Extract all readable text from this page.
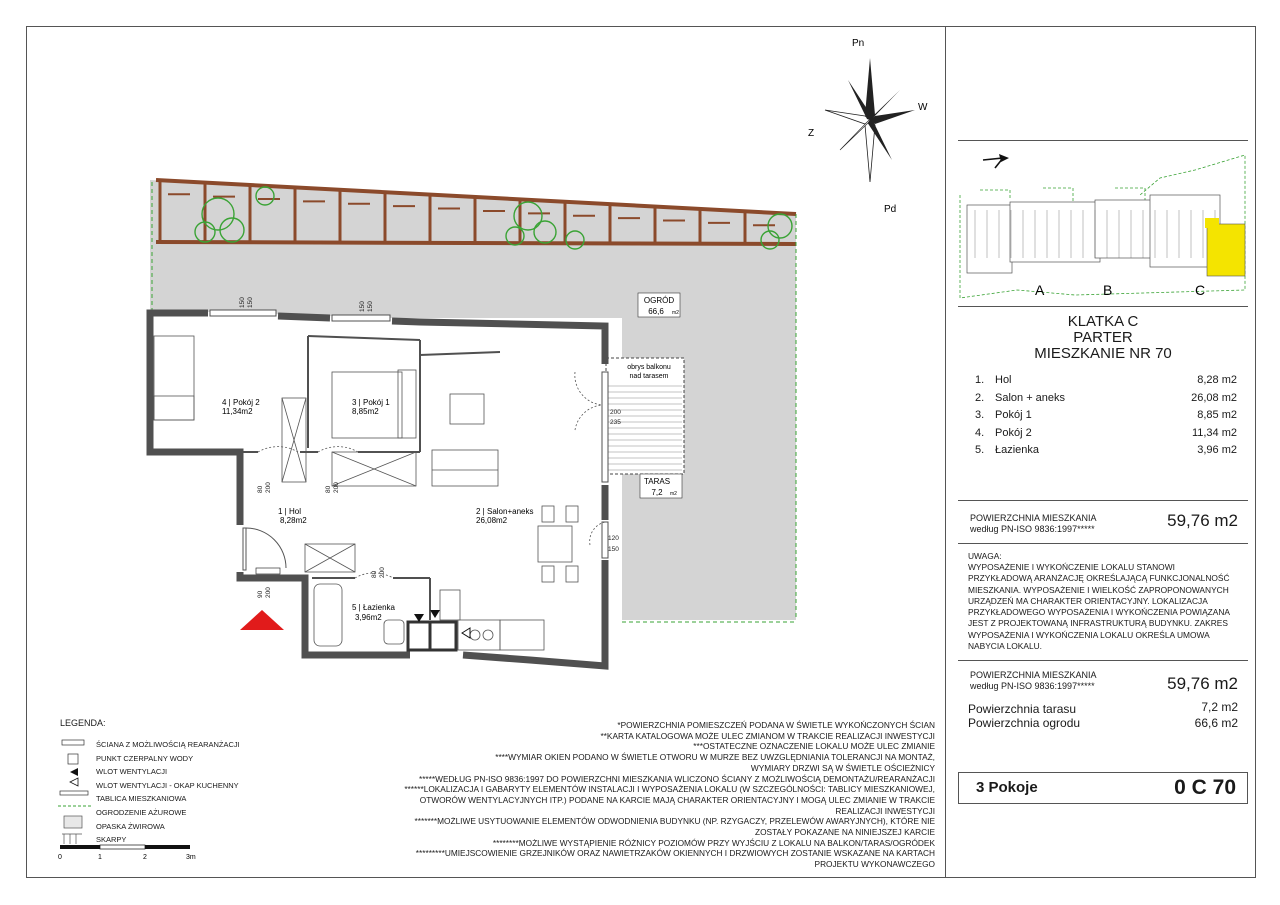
obrys balkonu
nad tarasem
OGRÓD
66,6 m2
TARAS
7,2 m2
4 | Pokój 2
11,34m2
3 | Pokój 1
8,85m2
1 | Hol
8,28m2
2 | Salon+aneks
26,08m2
5 | Łazienka
3,96m2
150 150	150 150
200
235
120
150
80 200	80 200
80 200
90 200
Pn
Pd
W
Z
A	B	C
KLATKA C
PARTER
MIESZKANIE NR 70
1. Hol	8,28 m2
2. Salon + aneks	26,08 m2
3. Pokój 1	8,85 m2
4. Pokój 2	11,34 m2
5. Łazienka	3,96 m2
POWIERZCHNIA MIESZKANIA
według PN-ISO 9836:1997*****	59,76 m2
UWAGA:
WYPOSAŻENIE I WYKOŃCZENIE LOKALU STANOWI PRZYKŁADOWĄ ARANŻACJĘ OKREŚLAJĄCĄ FUNKCJONALNOŚĆ MIESZKANIA. WYPOSAŻENIE I WIELKOŚĆ ZAPROPONOWANYCH URZĄDZEŃ MA CHARAKTER ORIENTACYJNY. LOKALIZACJA PRZYKŁADOWEGO WYPOSAŻENIA I WYKOŃCZENIA POWIĄZANA JEST Z PROJEKTOWANĄ INFRASTRUKTURĄ BUDYNKU. ZAKRES WYPOSAŻENIA I WYKOŃCZENIA LOKALU OKREŚLA UMOWA NABYCIA LOKALU.
POWIERZCHNIA MIESZKANIA
według PN-ISO 9836:1997*****	59,76 m2
Powierzchnia tarasu	7,2 m2
Powierzchnia ogrodu	66,6 m2
3 Pokoje	0 C 70
LEGENDA:
ŚCIANA Z MOŻLIWOŚCIĄ REARANŻACJI
PUNKT CZERPALNY WODY
WLOT WENTYLACJI
WLOT WENTYLACJI - OKAP KUCHENNY
TABLICA MIESZKANIOWA
OGRODZENIE AŻUROWE
OPASKA ŻWIROWA
SKARPY
0	1	2	3m
*POWIERZCHNIA POMIESZCZEŃ PODANA W ŚWIETLE WYKOŃCZONYCH ŚCIAN
**KARTA KATALOGOWA MOŻE ULEC ZMIANOM W TRAKCIE REALIZACJI INWESTYCJI
***OSTATECZNE OZNACZENIE LOKALU MOŻE ULEC ZMIANIE
****WYMIAR OKIEN PODANO W ŚWIETLE OTWORU W MURZE BEZ UWZGLĘDNIANIA TOLERANCJI NA MONTAŻ,
WYMIARY DRZWI SĄ W ŚWIETLE OŚCIEŻNICY
*****WEDŁUG PN-ISO 9836:1997 DO POWIERZCHNI MIESZKANIA WLICZONO ŚCIANY Z MOŻLIWOŚCIĄ DEMONTAŻU/REARANŻACJI
******LOKALIZACJA I GABARYTY ELEMENTÓW INSTALACJI I WYPOSAŻENIA LOKALU (W SZCZEGÓLNOŚCI: TABLICY MIESZKANIOWEJ,
OTWORÓW WENTYLACYJNYCH ITP.) PODANE NA KARCIE MAJĄ CHARAKTER ORIENTACYJNY I MOGĄ ULEC ZMIANIE W TRAKCIE
REALIZACJI INWESTYCJI
*******MOŻLIWE USYTUOWANIE ELEMENTÓW ODWODNIENIA BUDYNKU (NP. RZYGACZY, PRZELEWÓW AWARYJNYCH), KTÓRE NIE
ZOSTAŁY POKAZANE NA NINIEJSZEJ KARCIE
********MOŻLIWE WYSTĄPIENIE RÓŻNICY POZIOMÓW PRZY WYJŚCIU Z LOKALU NA BALKON/TARAS/OGRÓDEK
*********UMIEJSCOWIENIE GRZEJNIKÓW ORAZ NAWIETRZAKÓW OKIENNYCH I DRZWIOWYCH ZOSTANIE WSKAZANE NA KARTACH
PROJEKTU WYKONAWCZEGO
